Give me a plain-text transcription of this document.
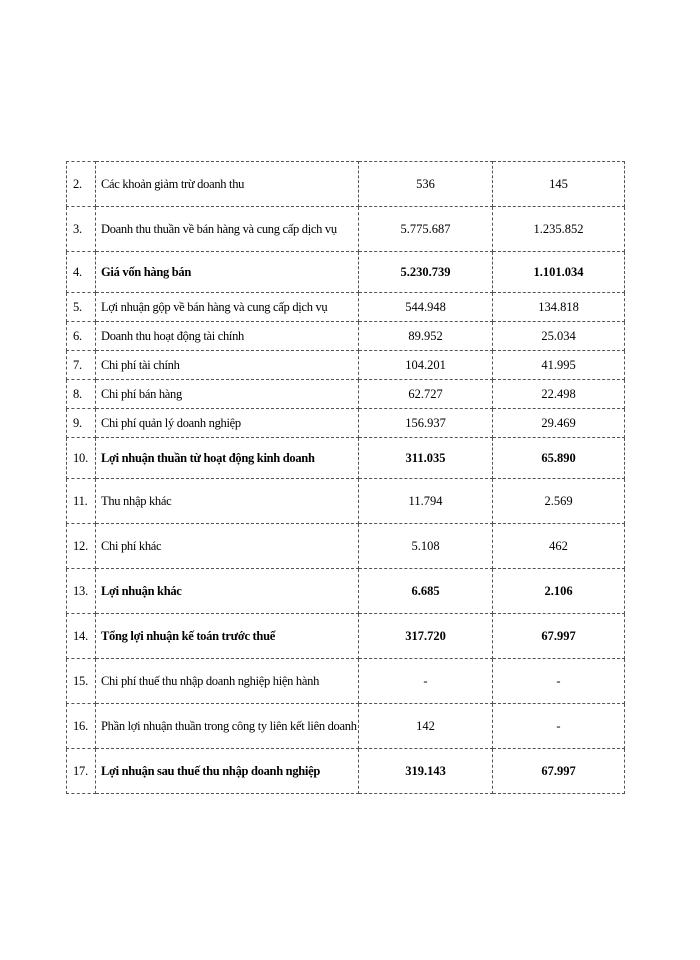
2.	Các khoản giảm trừ doanh thu	536	145
3.	Doanh thu thuần về bán hàng và cung cấp dịch vụ	5.775.687	1.235.852
4.	Giá vốn hàng bán	5.230.739	1.101.034
5.	Lợi nhuận gộp về bán hàng và cung cấp dịch vụ	544.948	134.818
6.	Doanh thu hoạt động tài chính	89.952	25.034
7.	Chi phí tài chính	104.201	41.995
8.	Chi phí bán hàng	62.727	22.498
9.	Chi phí quản lý doanh nghiệp	156.937	29.469
10.	Lợi nhuận thuần từ hoạt động kinh doanh	311.035	65.890
11.	Thu nhập khác	11.794	2.569
12.	Chi phí khác	5.108	462
13.	Lợi nhuận khác	6.685	2.106
14.	Tổng lợi nhuận kế toán trước thuế	317.720	67.997
15.	Chi phí thuế thu nhập doanh nghiệp hiện hành	-	-
16.	Phần lợi nhuận thuần trong công ty liên kết liên doanh	142	-
17.	Lợi nhuận sau thuế thu nhập doanh nghiệp	319.143	67.997
